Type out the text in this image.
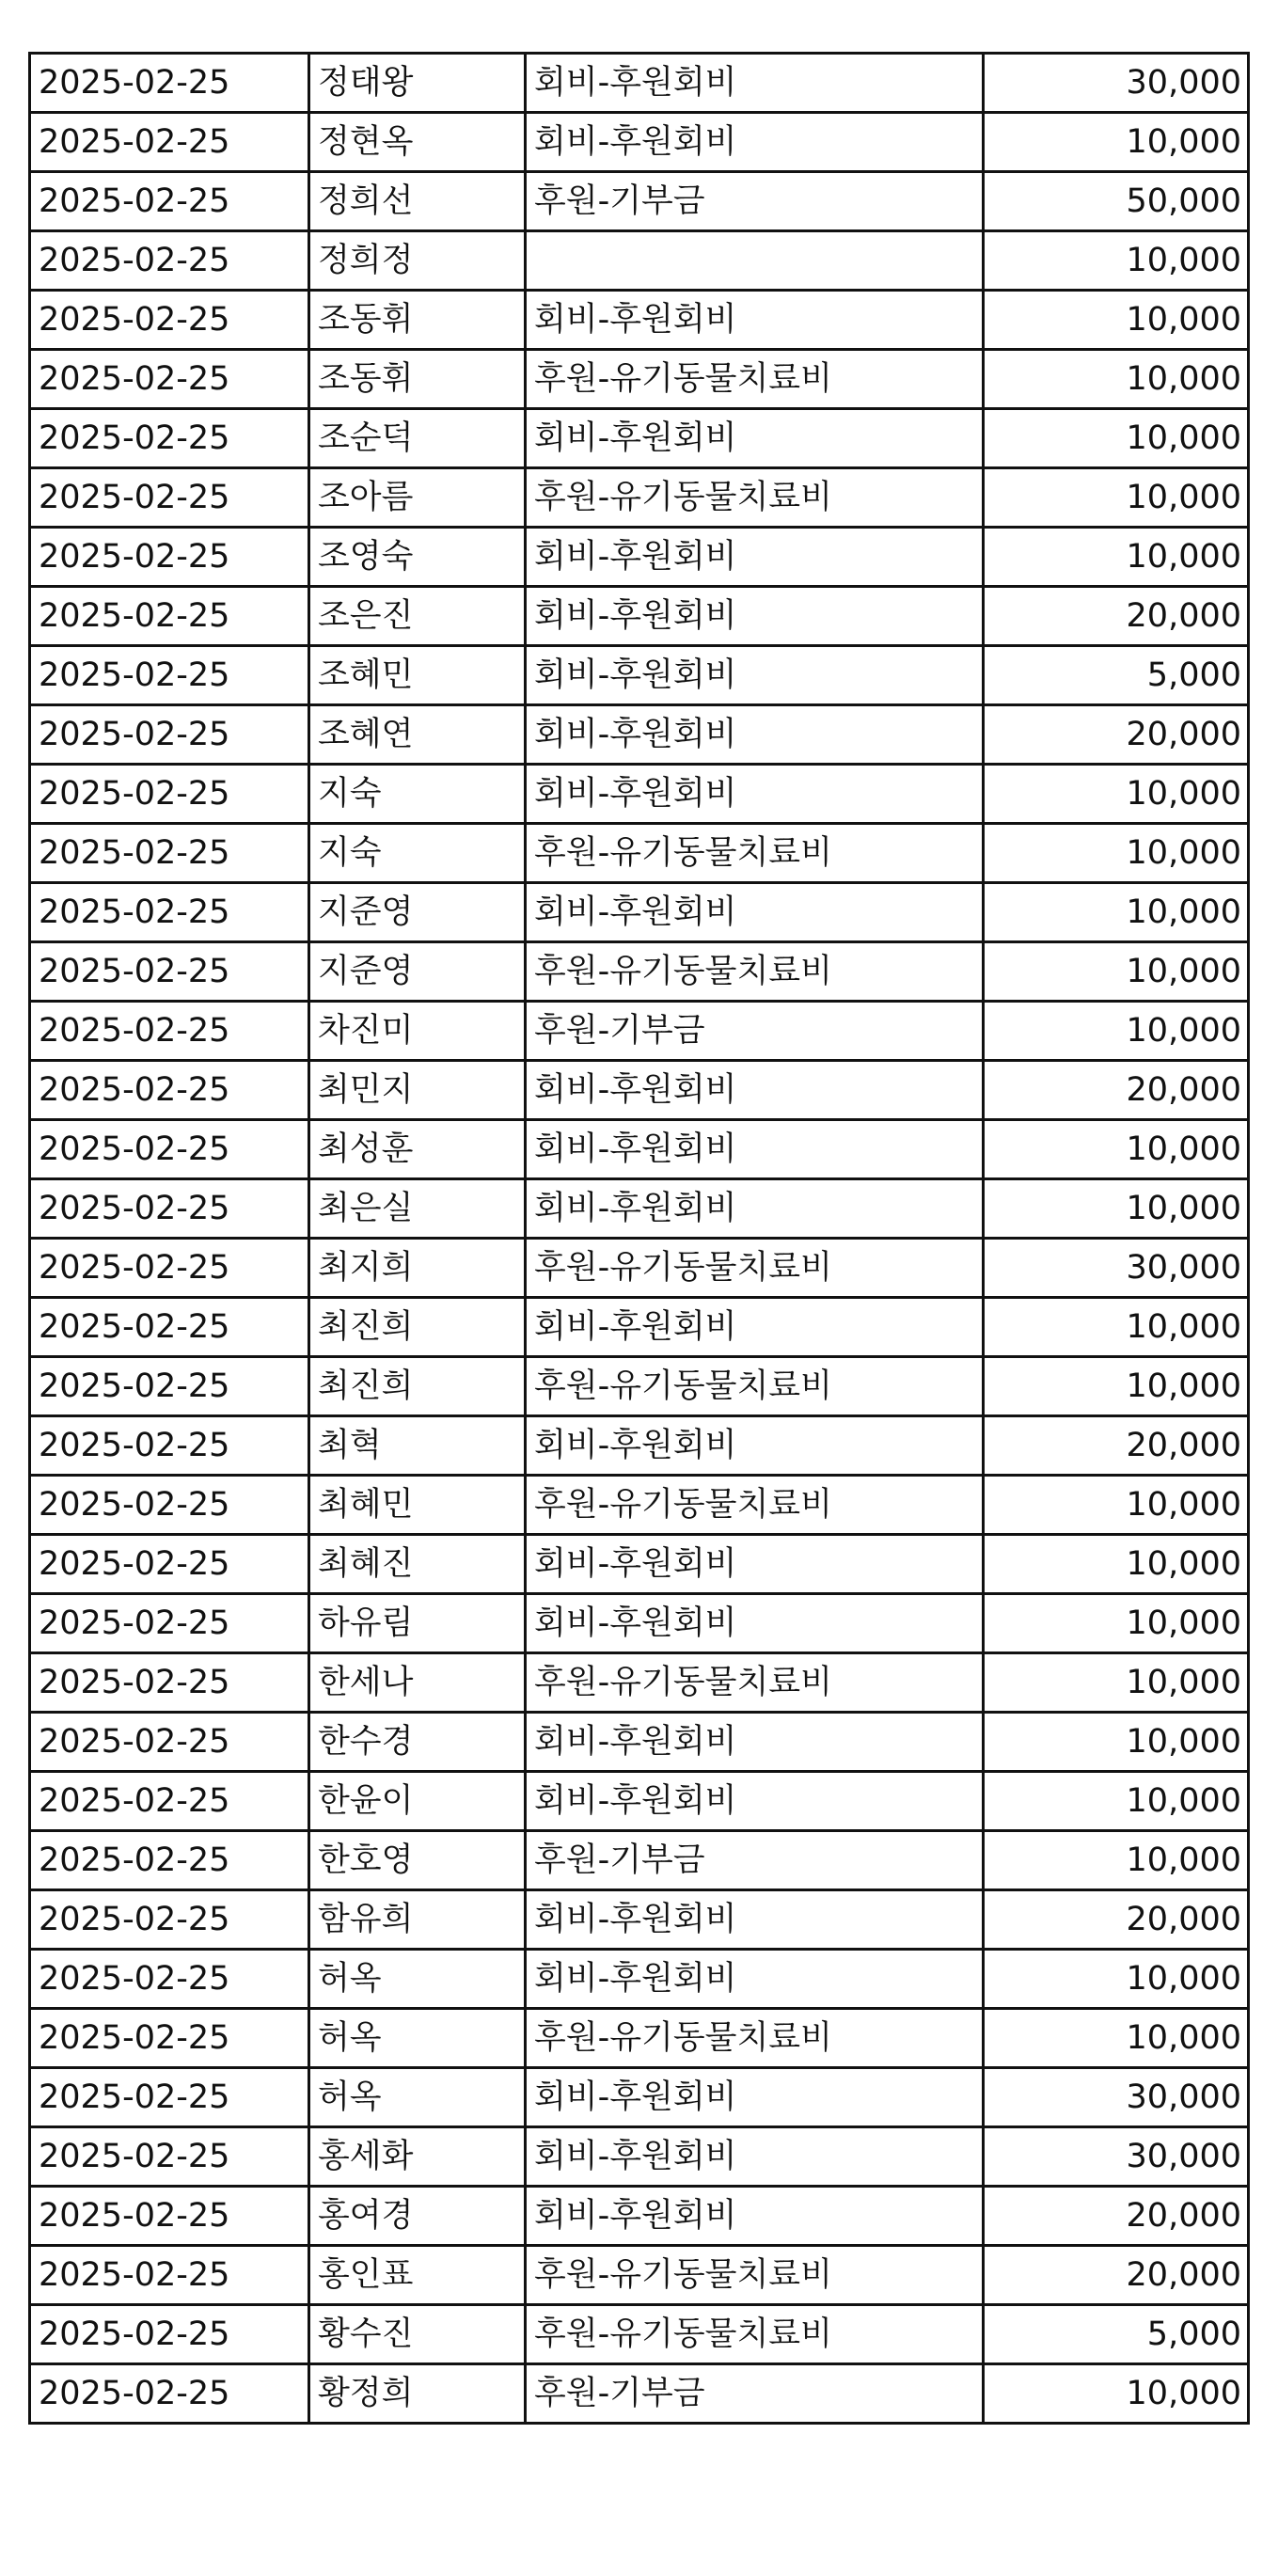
2025-02-25	정태왕	회비-후원회비	30,000
2025-02-25	정현옥	회비-후원회비	10,000
2025-02-25	정희선	후원-기부금	50,000
2025-02-25	정희정		10,000
2025-02-25	조동휘	회비-후원회비	10,000
2025-02-25	조동휘	후원-유기동물치료비	10,000
2025-02-25	조순덕	회비-후원회비	10,000
2025-02-25	조아름	후원-유기동물치료비	10,000
2025-02-25	조영숙	회비-후원회비	10,000
2025-02-25	조은진	회비-후원회비	20,000
2025-02-25	조혜민	회비-후원회비	5,000
2025-02-25	조혜연	회비-후원회비	20,000
2025-02-25	지숙	회비-후원회비	10,000
2025-02-25	지숙	후원-유기동물치료비	10,000
2025-02-25	지준영	회비-후원회비	10,000
2025-02-25	지준영	후원-유기동물치료비	10,000
2025-02-25	차진미	후원-기부금	10,000
2025-02-25	최민지	회비-후원회비	20,000
2025-02-25	최성훈	회비-후원회비	10,000
2025-02-25	최은실	회비-후원회비	10,000
2025-02-25	최지희	후원-유기동물치료비	30,000
2025-02-25	최진희	회비-후원회비	10,000
2025-02-25	최진희	후원-유기동물치료비	10,000
2025-02-25	최혁	회비-후원회비	20,000
2025-02-25	최혜민	후원-유기동물치료비	10,000
2025-02-25	최혜진	회비-후원회비	10,000
2025-02-25	하유림	회비-후원회비	10,000
2025-02-25	한세나	후원-유기동물치료비	10,000
2025-02-25	한수경	회비-후원회비	10,000
2025-02-25	한윤이	회비-후원회비	10,000
2025-02-25	한호영	후원-기부금	10,000
2025-02-25	함유희	회비-후원회비	20,000
2025-02-25	허옥	회비-후원회비	10,000
2025-02-25	허옥	후원-유기동물치료비	10,000
2025-02-25	허옥	회비-후원회비	30,000
2025-02-25	홍세화	회비-후원회비	30,000
2025-02-25	홍여경	회비-후원회비	20,000
2025-02-25	홍인표	후원-유기동물치료비	20,000
2025-02-25	황수진	후원-유기동물치료비	5,000
2025-02-25	황정희	후원-기부금	10,000
